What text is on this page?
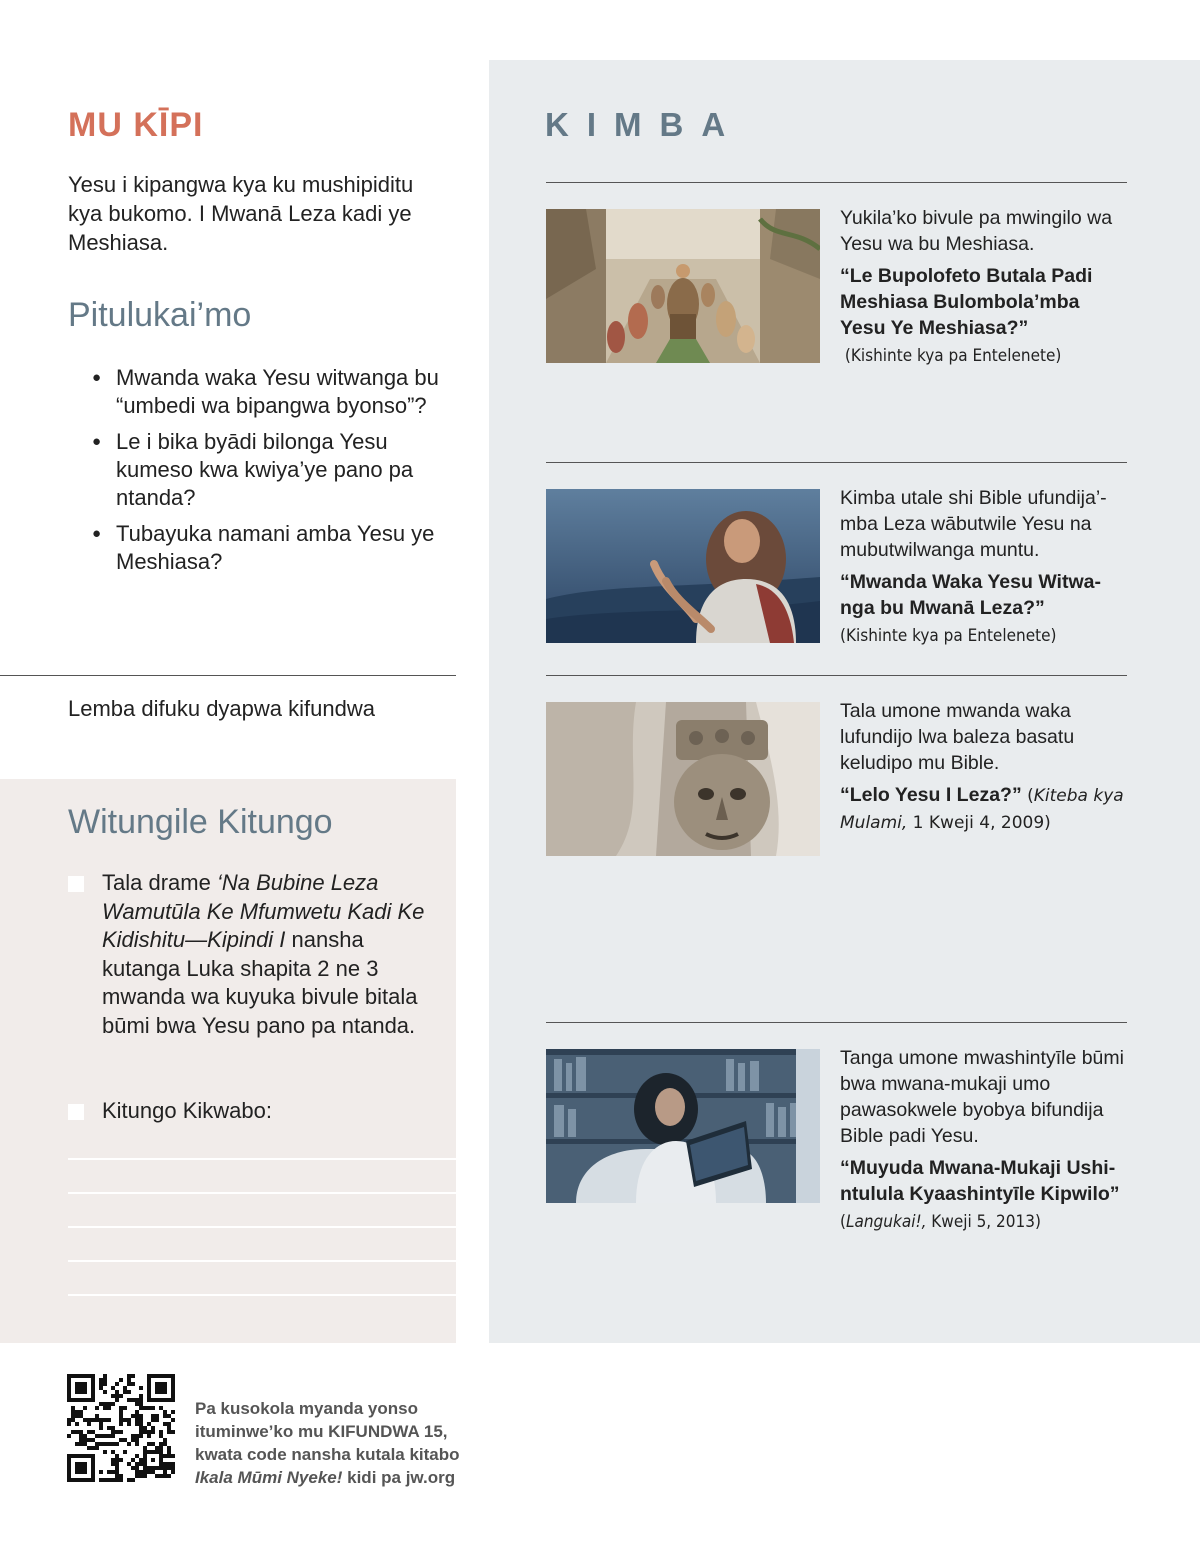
MU KĪPI

Yesu i kipangwa kya ku mushipiditu kya bukomo. I Mwanā Leza kadi ye Meshiasa.

Pitulukai’mo
● Mwanda waka Yesu witwanga bu “umbedi wa bipangwa byonso”?
● Le i bika byādi bilonga Yesu kumeso kwa kwiya’ye pano pa ntanda?
● Tubayuka namani amba Yesu ye Meshiasa?
Lemba difuku dyapwa kifundwa
Witungile Kitungo
Tala drame ‘Na Bubine Leza Wamutūla Ke Mfumwetu Kadi Ke Kidishitu—Kipindi I nansha kutanga Luka shapita 2 ne 3 mwanda wa kuyuka bivule bitala būmi bwa Yesu pano pa ntanda.
Kitungo Kikwabo:
KIMBA

Yukila’ko bivule pa mwingilo wa Yesu wa bu Meshiasa.

“Le Bupolofeto Butala Padi Meshiasa Bulombola’mba Yesu Ye Meshiasa?”

(Kishinte kya pa Entelenete)

Kimba utale shi Bible ufundija’-mba Leza wābutwile Yesu na mubutwilwanga muntu.

“Mwanda Waka Yesu Witwa-nga bu Mwanā Leza?”

(Kishinte kya pa Entelenete)

Tala umone mwanda waka lufundijo lwa baleza basatu keludipo mu Bible.

“Lelo Yesu I Leza?” (Kiteba kya Mulami, 1 Kweji 4, 2009)

Tanga umone mwashintyīle būmi bwa mwana-mukaji umo pawasokwele byobya bifundija Bible padi Yesu.

“Muyuda Mwana-Mukaji Ushi-ntulula Kyaashintyīle Kipwilo”

(Langukai!, Kweji 5, 2013)

Pa kusokola myanda yonso ituminwe’ko mu KIFUNDWA 15, kwata code nansha kutala kitabo Ikala Mūmi Nyeke! kidi pa jw.org
